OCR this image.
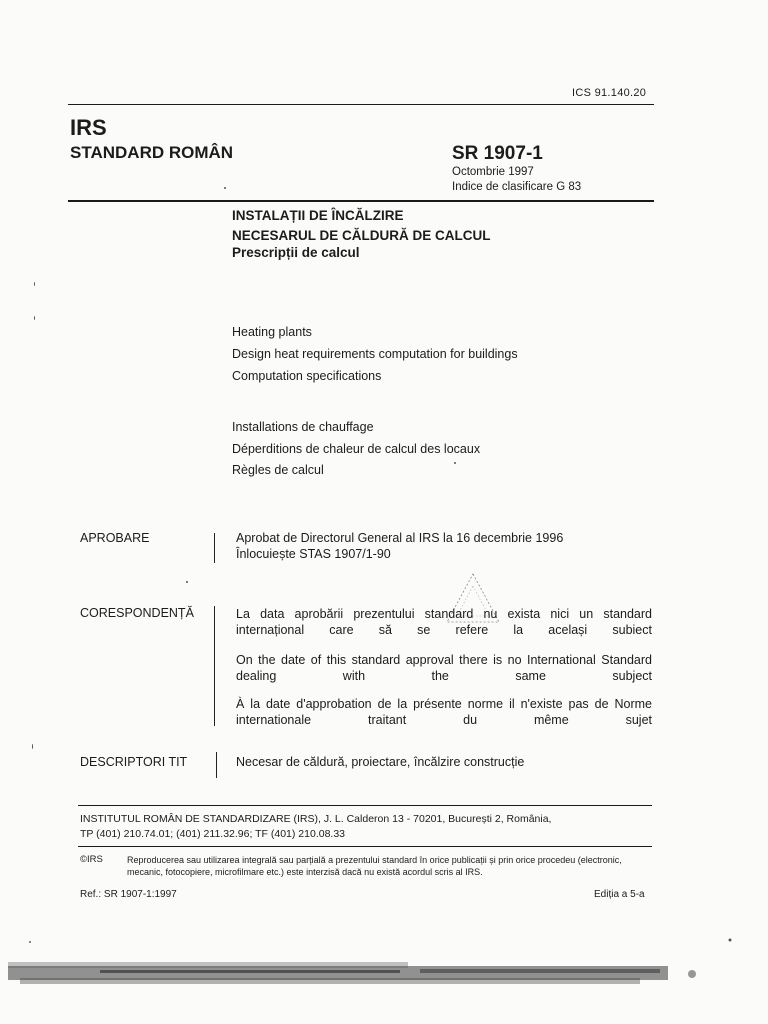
ICS 91.140.20
IRS
STANDARD ROMÂN	SR 1907-1
Octombrie 1997
Indice de clasificare G 83
INSTALAȚII DE ÎNCĂLZIRE
NECESARUL DE CĂLDURĂ DE CALCUL
Prescripții de calcul
Heating plants
Design heat requirements computation for buildings
Computation specifications
Installations de chauffage
Déperditions de chaleur de calcul des locaux
Règles de calcul
APROBARE	Aprobat de Directorul General al IRS la 16 decembrie 1996
Înlocuiește STAS 1907/1-90
CORESPONDENȚĂ	La data aprobării prezentului standard nu exista nici un standard internațional care să se refere la același subiect
On the date of this standard approval there is no International Standard dealing with the same subject
À la date d'approbation de la présente norme il n'existe pas de Norme internationale traitant du même sujet
DESCRIPTORI TIT	Necesar de căldură, proiectare, încălzire construcție
INSTITUTUL ROMÂN DE STANDARDIZARE (IRS), J. L. Calderon 13 - 70201, București 2, România,
TP (401) 210.74.01; (401) 211.32.96; TF (401) 210.08.33
©IRS	Reproducerea sau utilizarea integrală sau parțială a prezentului standard în orice publicații și prin orice procedeu (electronic, mecanic, fotocopiere, microfilmare etc.) este interzisă dacă nu există acordul scris al IRS.
Ref.: SR 1907-1:1997	Ediția a 5-a
